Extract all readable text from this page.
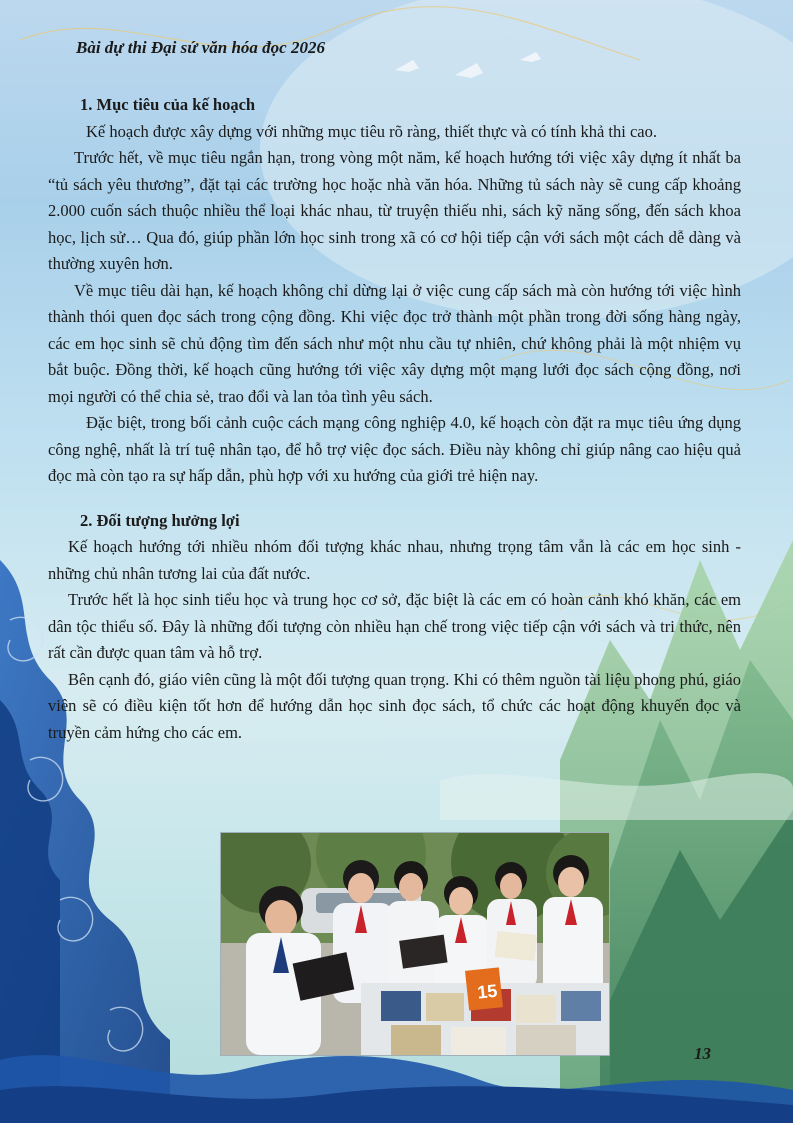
Bài dự thi Đại sứ văn hóa đọc 2026
1. Mục tiêu của kế hoạch

Kế hoạch được xây dựng với những mục tiêu rõ ràng, thiết thực và có tính khả thi cao.

Trước hết, về mục tiêu ngắn hạn, trong vòng một năm, kế hoạch hướng tới việc xây dựng ít nhất ba “tủ sách yêu thương”, đặt tại các trường học hoặc nhà văn hóa. Những tủ sách này sẽ cung cấp khoảng 2.000 cuốn sách thuộc nhiều thể loại khác nhau, từ truyện thiếu nhi, sách kỹ năng sống, đến sách khoa học, lịch sử… Qua đó, giúp phần lớn học sinh trong xã có cơ hội tiếp cận với sách một cách dễ dàng và thường xuyên hơn.

Về mục tiêu dài hạn, kế hoạch không chỉ dừng lại ở việc cung cấp sách mà còn hướng tới việc hình thành thói quen đọc sách trong cộng đồng. Khi việc đọc trở thành một phần trong đời sống hàng ngày, các em học sinh sẽ chủ động tìm đến sách như một nhu cầu tự nhiên, chứ không phải là một nhiệm vụ bắt buộc. Đồng thời, kế hoạch cũng hướng tới việc xây dựng một mạng lưới đọc sách cộng đồng, nơi mọi người có thể chia sẻ, trao đổi và lan tỏa tình yêu sách.

Đặc biệt, trong bối cảnh cuộc cách mạng công nghiệp 4.0, kế hoạch còn đặt ra mục tiêu ứng dụng công nghệ, nhất là trí tuệ nhân tạo, để hỗ trợ việc đọc sách. Điều này không chỉ giúp nâng cao hiệu quả đọc mà còn tạo ra sự hấp dẫn, phù hợp với xu hướng của giới trẻ hiện nay.

2. Đối tượng hưởng lợi

Kế hoạch hướng tới nhiều nhóm đối tượng khác nhau, nhưng trọng tâm vẫn là các em học sinh - những chủ nhân tương lai của đất nước.

Trước hết là học sinh tiểu học và trung học cơ sở, đặc biệt là các em có hoàn cảnh khó khăn, các em dân tộc thiểu số. Đây là những đối tượng còn nhiều hạn chế trong việc tiếp cận với sách và tri thức, nên rất cần được quan tâm và hỗ trợ.

Bên cạnh đó, giáo viên cũng là một đối tượng quan trọng. Khi có thêm nguồn tài liệu phong phú, giáo viên sẽ có điều kiện tốt hơn để hướng dẫn học sinh đọc sách, tổ chức các hoạt động khuyến đọc và truyền cảm hứng cho các em.

15
13
